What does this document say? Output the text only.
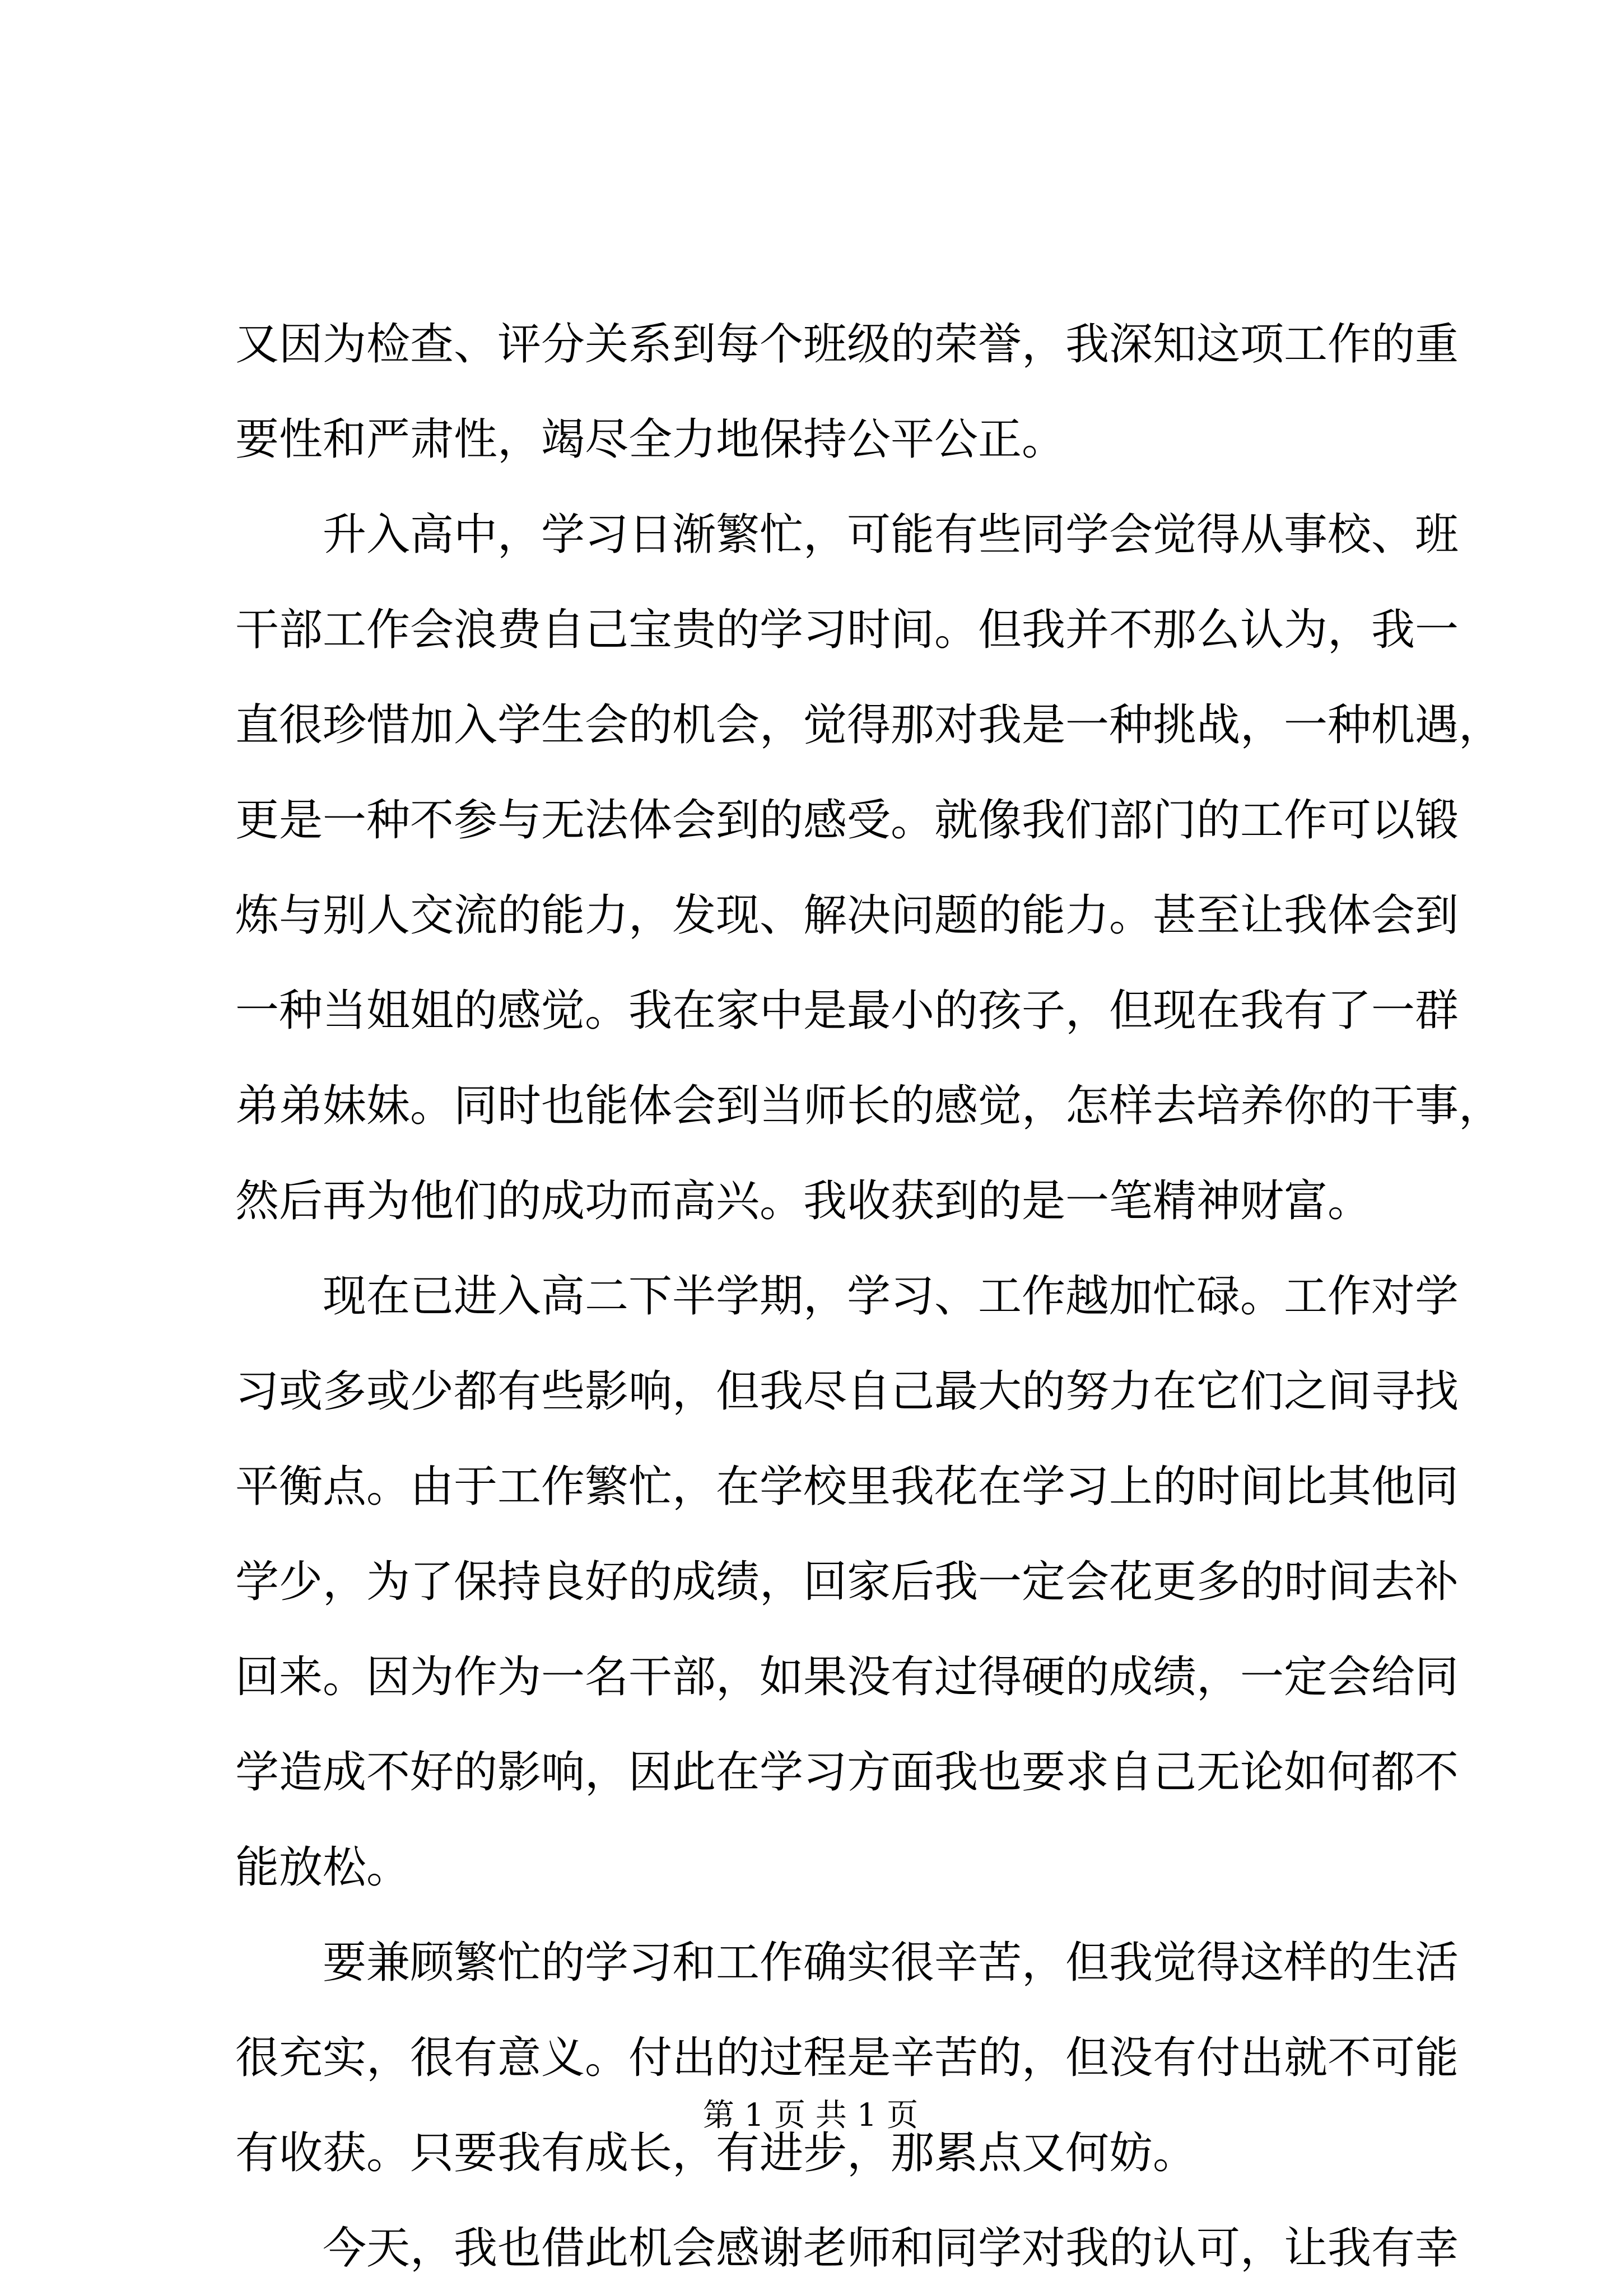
又因为检查、评分关系到每个班级的荣誉，我深知这项工作的重
要性和严肃性，竭尽全力地保持公平公正。
升入高中，学习日渐繁忙，可能有些同学会觉得从事校、班
干部工作会浪费自己宝贵的学习时间。但我并不那么认为，我一
直很珍惜加入学生会的机会，觉得那对我是一种挑战，一种机遇，
更是一种不参与无法体会到的感受。就像我们部门的工作可以锻
炼与别人交流的能力，发现、解决问题的能力。甚至让我体会到
一种当姐姐的感觉。我在家中是最小的孩子，但现在我有了一群
弟弟妹妹。同时也能体会到当师长的感觉，怎样去培养你的干事，
然后再为他们的成功而高兴。我收获到的是一笔精神财富。
现在已进入高二下半学期，学习、工作越加忙碌。工作对学
习或多或少都有些影响，但我尽自己最大的努力在它们之间寻找
平衡点。由于工作繁忙，在学校里我花在学习上的时间比其他同
学少，为了保持良好的成绩，回家后我一定会花更多的时间去补
回来。因为作为一名干部，如果没有过得硬的成绩，一定会给同
学造成不好的影响，因此在学习方面我也要求自己无论如何都不
能放松。
要兼顾繁忙的学习和工作确实很辛苦，但我觉得这样的生活
很充实，很有意义。付出的过程是辛苦的，但没有付出就不可能
有收获。只要我有成长，有进步，那累点又何妨。
今天，我也借此机会感谢老师和同学对我的认可，让我有幸
第 1 页 共 1 页
